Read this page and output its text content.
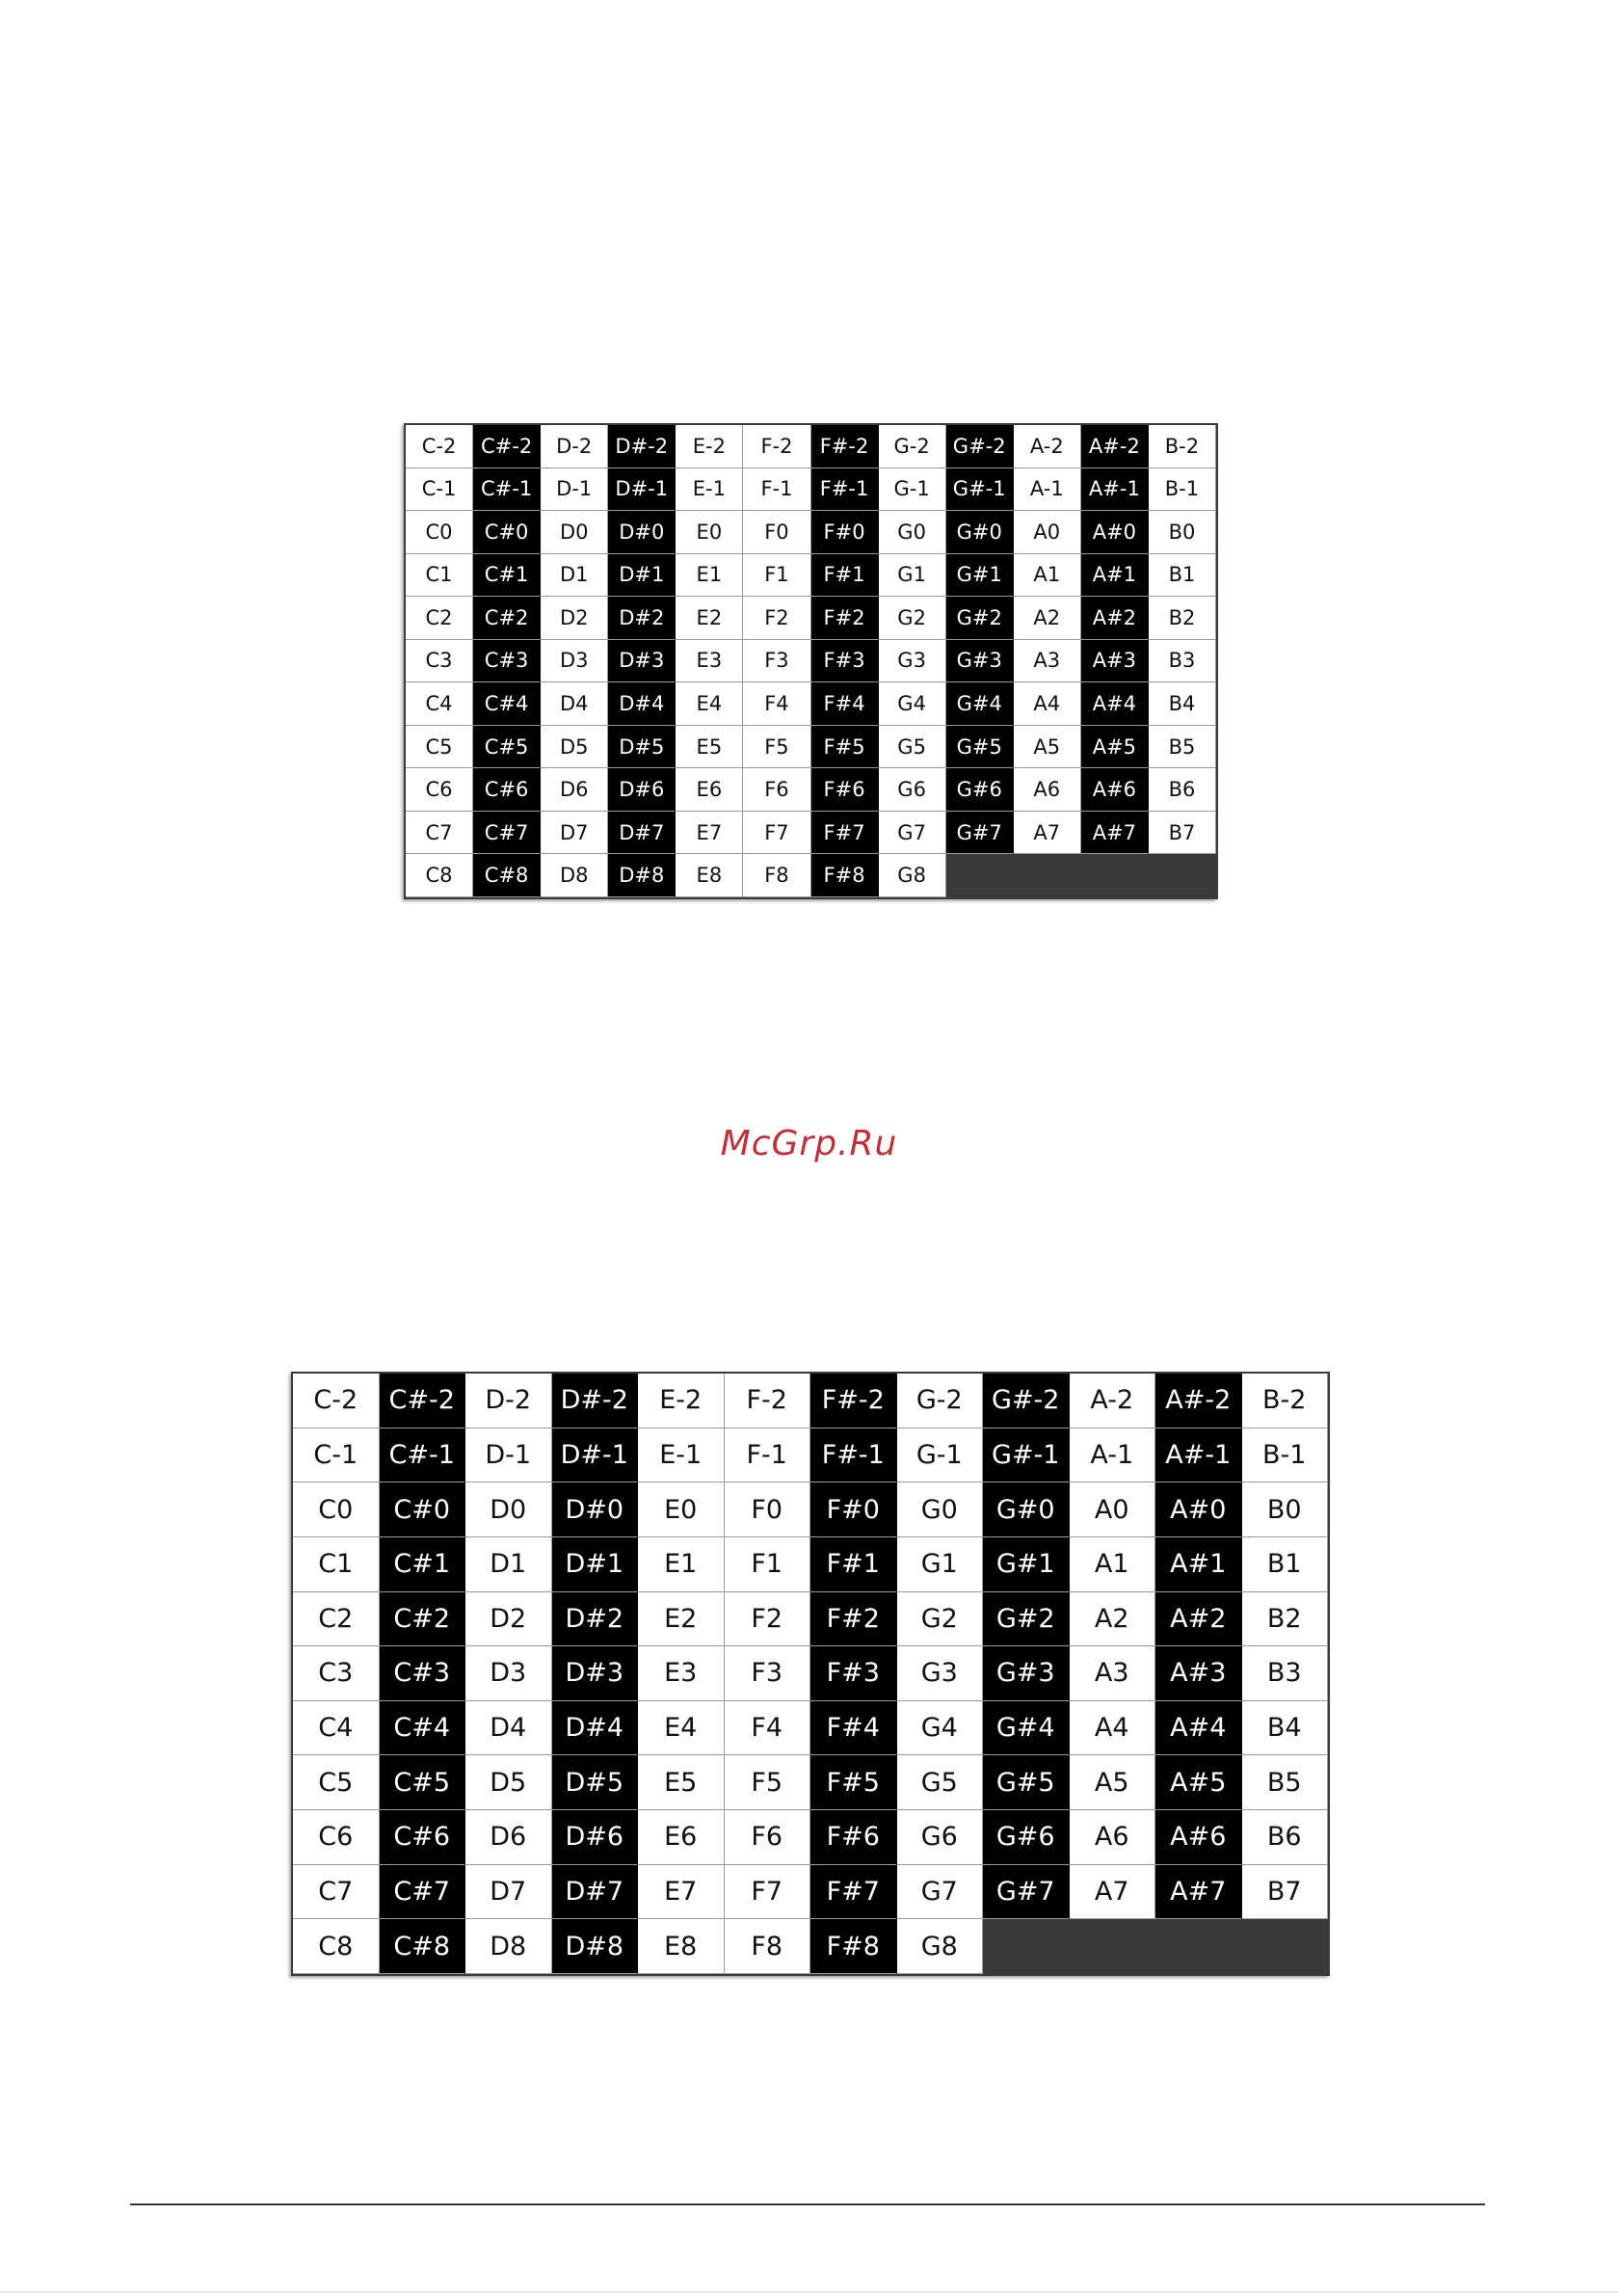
C-2	C#-2	D-2	D#-2	E-2	F-2	F#-2	G-2	G#-2	A-2	A#-2	B-2
C-1	C#-1	D-1	D#-1	E-1	F-1	F#-1	G-1	G#-1	A-1	A#-1	B-1
C0	C#0	D0	D#0	E0	F0	F#0	G0	G#0	A0	A#0	B0
C1	C#1	D1	D#1	E1	F1	F#1	G1	G#1	A1	A#1	B1
C2	C#2	D2	D#2	E2	F2	F#2	G2	G#2	A2	A#2	B2
C3	C#3	D3	D#3	E3	F3	F#3	G3	G#3	A3	A#3	B3
C4	C#4	D4	D#4	E4	F4	F#4	G4	G#4	A4	A#4	B4
C5	C#5	D5	D#5	E5	F5	F#5	G5	G#5	A5	A#5	B5
C6	C#6	D6	D#6	E6	F6	F#6	G6	G#6	A6	A#6	B6
C7	C#7	D7	D#7	E7	F7	F#7	G7	G#7	A7	A#7	B7
C8	C#8	D8	D#8	E8	F8	F#8	G8
McGrp.Ru
C-2	C#-2	D-2	D#-2	E-2	F-2	F#-2	G-2	G#-2	A-2	A#-2	B-2
C-1	C#-1	D-1	D#-1	E-1	F-1	F#-1	G-1	G#-1	A-1	A#-1	B-1
C0	C#0	D0	D#0	E0	F0	F#0	G0	G#0	A0	A#0	B0
C1	C#1	D1	D#1	E1	F1	F#1	G1	G#1	A1	A#1	B1
C2	C#2	D2	D#2	E2	F2	F#2	G2	G#2	A2	A#2	B2
C3	C#3	D3	D#3	E3	F3	F#3	G3	G#3	A3	A#3	B3
C4	C#4	D4	D#4	E4	F4	F#4	G4	G#4	A4	A#4	B4
C5	C#5	D5	D#5	E5	F5	F#5	G5	G#5	A5	A#5	B5
C6	C#6	D6	D#6	E6	F6	F#6	G6	G#6	A6	A#6	B6
C7	C#7	D7	D#7	E7	F7	F#7	G7	G#7	A7	A#7	B7
C8	C#8	D8	D#8	E8	F8	F#8	G8
